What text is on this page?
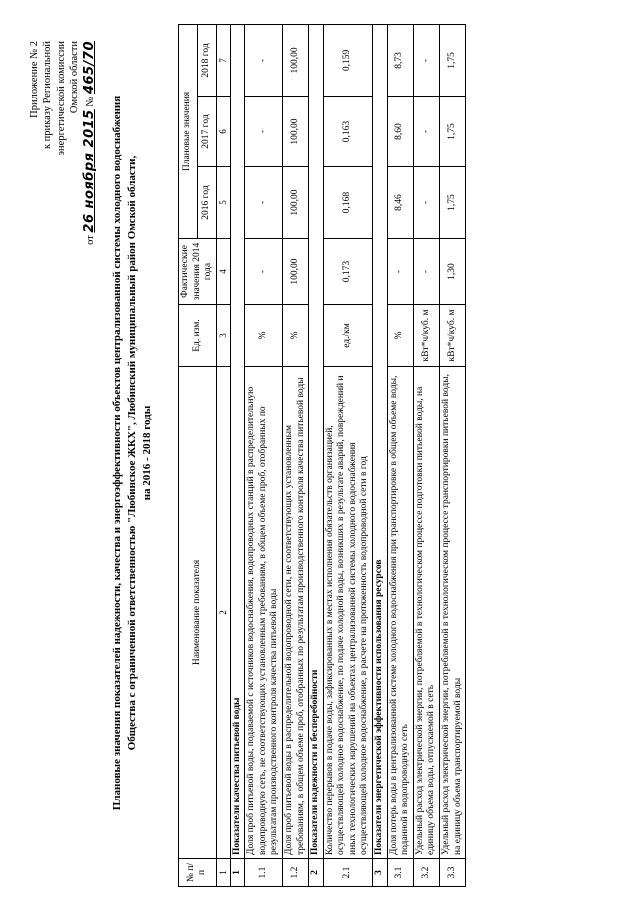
Приложение № 2 к приказу Региональной энергетической комиссии Омской области
от 26 ноября 2015 № 465/70
Плановые значения показателей надежности, качества и энергоэффективности объектов централизованной системы холодного водоснабжения Общества с ограниченной ответственностью "Любинское ЖКХ", Любинский муниципальный район Омской области, на 2016 - 2018 годы
№ п/п	Наименование показателя	Ед. изм.	Фактические значения 2014 года	Плановые значения		
				2016 год	2017 год	2018 год
1	2	3	4	5	6	7
1	Показатели качества питьевой воды					
1.1	Доля проб питьевой воды, подаваемой с источников водоснабжения, водопроводных станций в распределительную водопроводную сеть, не соответствующих установленным требованиям, в общем объеме проб, отобранных по результатам производственного контроля качества питьевой воды	%	-	-	-	-
1.2	Доля проб питьевой воды в распределительной водопроводной сети, не соответствующих установленным требованиям, в общем объеме проб, отобранных по результатам производственного контроля качества питьевой воды	%	100,00	100,00	100,00	100,00
2	Показатели надежности и бесперебойности					
2.1	Количество перерывов в подаче воды, зафиксированных в местах исполнения обязательств организацией, осуществляющей холодное водоснабжение, по подаче холодной воды, возникших в результате аварий, повреждений и иных технологических нарушений на объектах централизованной системы холодного водоснабжения осуществляющей холодное водоснабжение, в расчете на протяженность водопроводной сети в год	ед./км	0,173	0,168	0,163	0,159
3	Показатели энергетической эффективности использования ресурсов					
3.1	Доля потерь воды в централизованной системе холодного водоснабжения при транспортировке в общем объеме воды, поданной в водопроводную сеть	%	-	8,46	8,60	8,73
3.2	Удельный расход электрической энергии, потребляемой в технологическом процессе подготовки питьевой воды, на единицу объема воды, отпускаемой в сеть	кВт*ч/куб. м	-	-	-	-
3.3	Удельный расход электрической энергии, потребляемой в технологическом процессе транспортировки питьевой воды, на единицу объема транспортируемой воды	кВт*ч/куб. м	1,30	1,75	1,75	1,75
